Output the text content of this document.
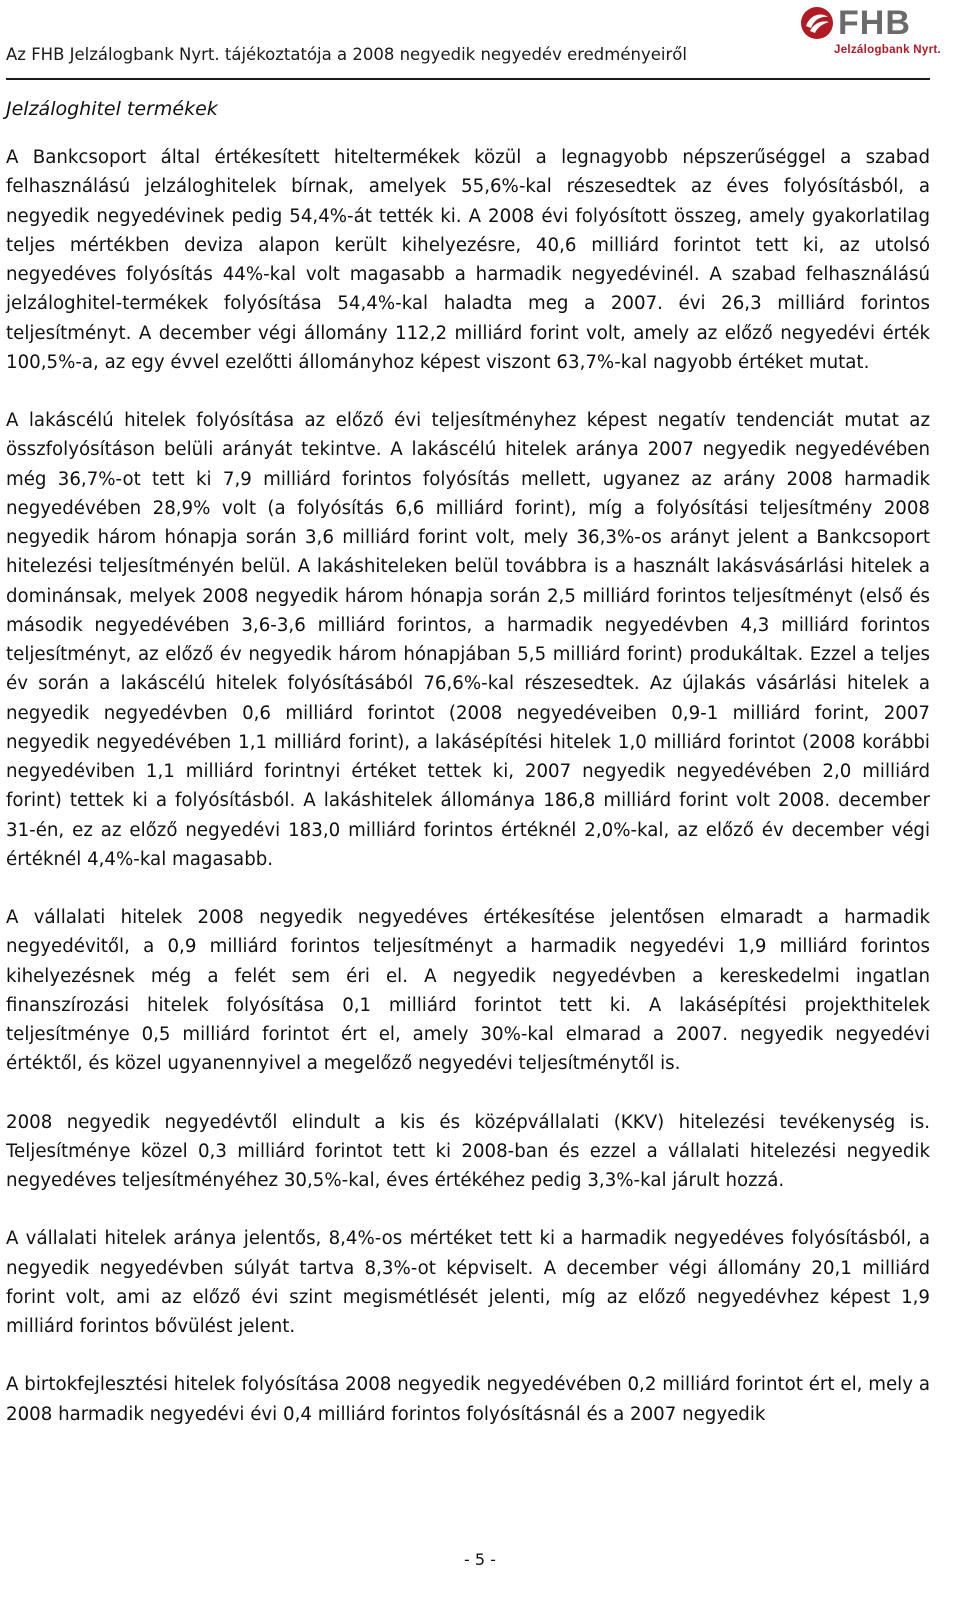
Az FHB Jelzálogbank Nyrt. tájékoztatója a 2008 negyedik negyedév eredményeiről
FHB
Jelzálogbank Nyrt.
Jelzáloghitel termékek

A Bankcsoport által értékesített hiteltermékek közül a legnagyobb népszerűséggel a szabad felhasználású jelzáloghitelek bírnak, amelyek 55,6%-kal részesedtek az éves folyósításból, a negyedik negyedévinek pedig 54,4%-át tették ki. A 2008 évi folyósított összeg, amely gyakorlatilag teljes mértékben deviza alapon került kihelyezésre, 40,6 milliárd forintot tett ki, az utolsó negyedéves folyósítás 44%-kal volt magasabb a harmadik negyedévinél. A szabad felhasználású jelzáloghitel-termékek folyósítása 54,4%-kal haladta meg a 2007. évi 26,3 milliárd forintos teljesítményt. A december végi állomány 112,2 milliárd forint volt, amely az előző negyedévi érték 100,5%-a, az egy évvel ezelőtti állományhoz képest viszont 63,7%-kal nagyobb értéket mutat.

A lakáscélú hitelek folyósítása az előző évi teljesítményhez képest negatív tendenciát mutat az összfolyósításon belüli arányát tekintve. A lakáscélú hitelek aránya 2007 negyedik negyedévében még 36,7%-ot tett ki 7,9 milliárd forintos folyósítás mellett, ugyanez az arány 2008 harmadik negyedévében 28,9% volt (a folyósítás 6,6 milliárd forint), míg a folyósítási teljesítmény 2008 negyedik három hónapja során 3,6 milliárd forint volt, mely 36,3%-os arányt jelent a Bankcsoport hitelezési teljesítményén belül. A lakáshiteleken belül továbbra is a használt lakásvásárlási hitelek a dominánsak, melyek 2008 negyedik három hónapja során 2,5 milliárd forintos teljesítményt (első és második negyedévében 3,6-3,6 milliárd forintos, a harmadik negyedévben 4,3 milliárd forintos teljesítményt, az előző év negyedik három hónapjában 5,5 milliárd forint) produkáltak. Ezzel a teljes év során a lakáscélú hitelek folyósításából 76,6%-kal részesedtek. Az újlakás vásárlási hitelek a negyedik negyedévben 0,6 milliárd forintot (2008 negyedéveiben 0,9-1 milliárd forint, 2007 negyedik negyedévében 1,1 milliárd forint), a lakásépítési hitelek 1,0 milliárd forintot (2008 korábbi negyedéviben 1,1 milliárd forintnyi értéket tettek ki, 2007 negyedik negyedévében 2,0 milliárd forint) tettek ki a folyósításból. A lakáshitelek állománya 186,8 milliárd forint volt 2008. december 31-én, ez az előző negyedévi 183,0 milliárd forintos értéknél 2,0%-kal, az előző év december végi értéknél 4,4%-kal magasabb.

A vállalati hitelek 2008 negyedik negyedéves értékesítése jelentősen elmaradt a harmadik negyedévitől, a 0,9 milliárd forintos teljesítményt a harmadik negyedévi 1,9 milliárd forintos kihelyezésnek még a felét sem éri el. A negyedik negyedévben a kereskedelmi ingatlan finanszírozási hitelek folyósítása 0,1 milliárd forintot tett ki. A lakásépítési projekthitelek teljesítménye 0,5 milliárd forintot ért el, amely 30%-kal elmarad a 2007. negyedik negyedévi értéktől, és közel ugyanennyivel a megelőző negyedévi teljesítménytől is.

2008 negyedik negyedévtől elindult a kis és középvállalati (KKV) hitelezési tevékenység is. Teljesítménye közel 0,3 milliárd forintot tett ki 2008-ban és ezzel a vállalati hitelezési negyedik negyedéves teljesítményéhez 30,5%-kal, éves értékéhez pedig 3,3%-kal járult hozzá.

A vállalati hitelek aránya jelentős, 8,4%-os mértéket tett ki a harmadik negyedéves folyósításból, a negyedik negyedévben súlyát tartva 8,3%-ot képviselt. A december végi állomány 20,1 milliárd forint volt, ami az előző évi szint megismétlését jelenti, míg az előző negyedévhez képest 1,9 milliárd forintos bővülést jelent.

A birtokfejlesztési hitelek folyósítása 2008 negyedik negyedévében 0,2 milliárd forintot ért el, mely a 2008 harmadik negyedévi évi 0,4 milliárd forintos folyósításnál és a 2007 negyedik

- 5 -
